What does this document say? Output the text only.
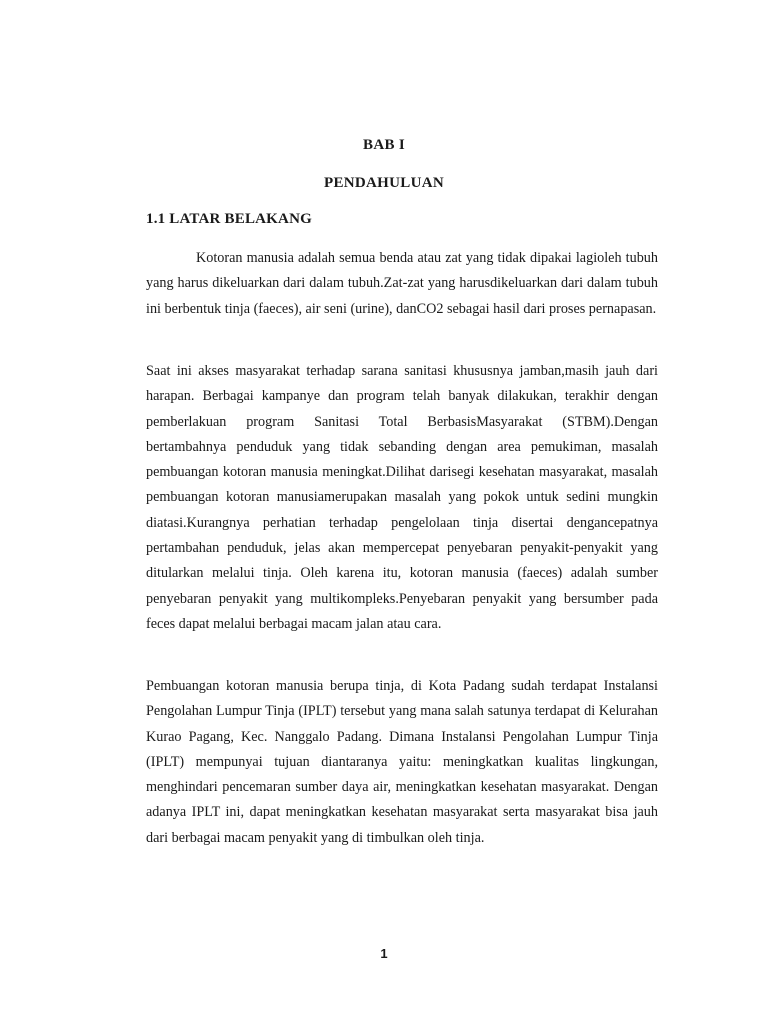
BAB I
PENDAHULUAN
1.1 LATAR BELAKANG

Kotoran manusia adalah semua benda atau zat yang tidak dipakai lagioleh tubuh yang harus dikeluarkan dari dalam tubuh.Zat-zat yang harusdikeluarkan dari dalam tubuh ini berbentuk tinja (faeces), air seni (urine), danCO2 sebagai hasil dari proses pernapasan.

Saat ini akses masyarakat terhadap sarana sanitasi khususnya jamban,masih jauh dari harapan. Berbagai kampanye dan program telah banyak dilakukan, terakhir dengan pemberlakuan program Sanitasi Total BerbasisMasyarakat (STBM).Dengan bertambahnya penduduk yang tidak sebanding dengan area pemukiman, masalah pembuangan kotoran manusia meningkat.Dilihat darisegi kesehatan masyarakat, masalah pembuangan kotoran manusiamerupakan masalah yang pokok untuk sedini mungkin diatasi.Kurangnya perhatian terhadap pengelolaan tinja disertai dengancepatnya pertambahan penduduk, jelas akan mempercepat penyebaran penyakit-penyakit yang ditularkan melalui tinja. Oleh karena itu, kotoran manusia (faeces) adalah sumber penyebaran penyakit yang multikompleks.Penyebaran penyakit yang bersumber pada feces dapat melalui berbagai macam jalan atau cara.

Pembuangan kotoran manusia berupa tinja, di Kota Padang sudah terdapat Instalansi Pengolahan Lumpur Tinja (IPLT) tersebut yang mana salah satunya terdapat di Kelurahan Kurao Pagang, Kec. Nanggalo Padang. Dimana Instalansi Pengolahan Lumpur Tinja (IPLT) mempunyai tujuan diantaranya yaitu: meningkatkan kualitas lingkungan, menghindari pencemaran sumber daya air, meningkatkan kesehatan masyarakat. Dengan adanya IPLT ini, dapat meningkatkan kesehatan masyarakat serta masyarakat bisa jauh dari berbagai macam penyakit yang di timbulkan oleh tinja.

1
